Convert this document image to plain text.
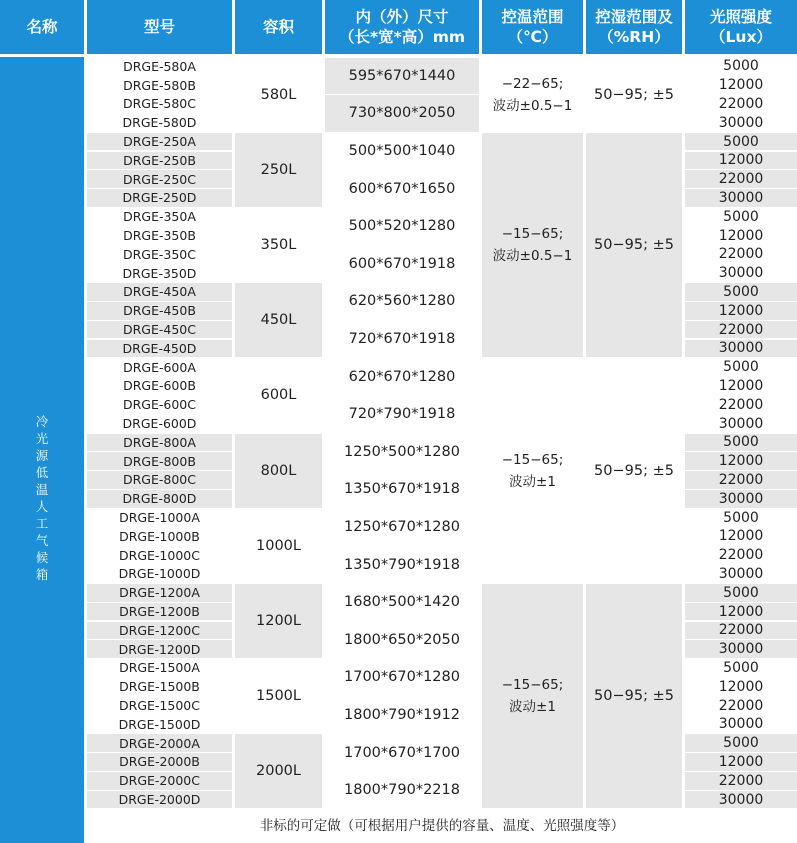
名称	型号	容积
内（外）尺寸
（长*宽*高）mm
控温范围
（℃）
控湿范围及
（%RH）
光照强度
（Lux）
冷
光
源
低
温
人
工
气
候
箱
DRGE-580A
DRGE-580B
DRGE-580C
DRGE-580D
580L
595*670*1440
730*800*2050
5000
12000
22000
30000
DRGE-250A
DRGE-250B
DRGE-250C
DRGE-250D
250L
500*500*1040
600*670*1650
5000
12000
22000
30000
DRGE-350A
DRGE-350B
DRGE-350C
DRGE-350D
350L
500*520*1280
600*670*1918
5000
12000
22000
30000
DRGE-450A
DRGE-450B
DRGE-450C
DRGE-450D
450L
620*560*1280
720*670*1918
5000
12000
22000
30000
DRGE-600A
DRGE-600B
DRGE-600C
DRGE-600D
600L
620*670*1280
720*790*1918
5000
12000
22000
30000
DRGE-800A
DRGE-800B
DRGE-800C
DRGE-800D
800L
1250*500*1280
1350*670*1918
5000
12000
22000
30000
DRGE-1000A
DRGE-1000B
DRGE-1000C
DRGE-1000D
1000L
1250*670*1280
1350*790*1918
5000
12000
22000
30000
DRGE-1200A
DRGE-1200B
DRGE-1200C
DRGE-1200D
1200L
1680*500*1420
1800*650*2050
5000
12000
22000
30000
DRGE-1500A
DRGE-1500B
DRGE-1500C
DRGE-1500D
1500L
1700*670*1280
1800*790*1912
5000
12000
22000
30000
DRGE-2000A
DRGE-2000B
DRGE-2000C
DRGE-2000D
2000L
1700*670*1700
1800*790*2218
5000
12000
22000
30000
−22−65;
波动±0.5−1
50−95; ±5
−15−65;
波动±0.5−1
50−95; ±5
−15−65;
波动±1
50−95; ±5
−15−65;
波动±1
50−95; ±5
非标的可定做（可根据用户提供的容量、温度、光照强度等）
